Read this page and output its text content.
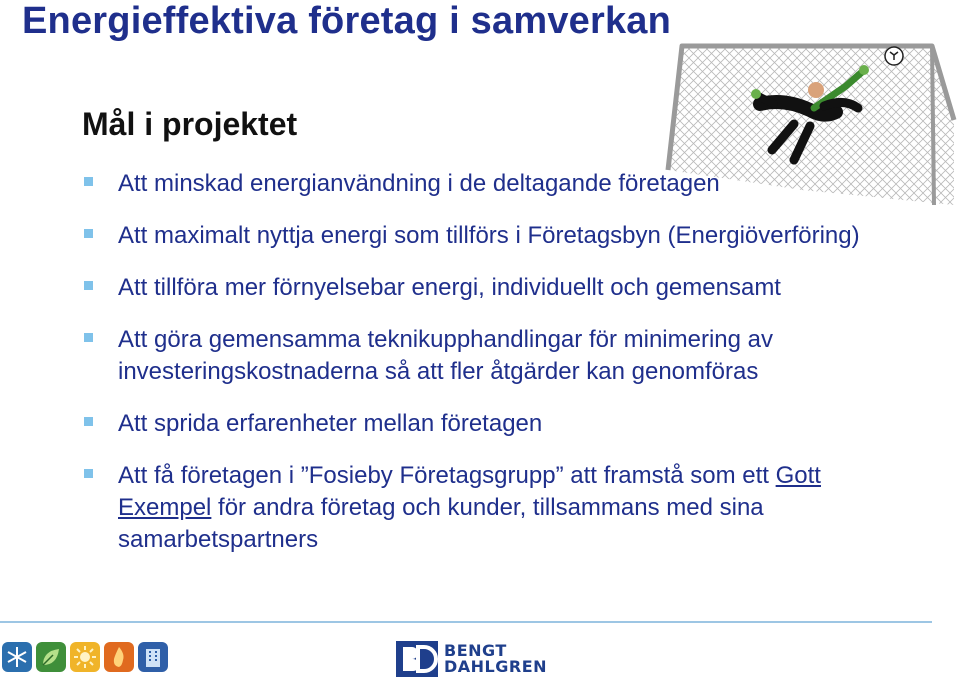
Energieffektiva företag i samverkan
Mål i projektet
Att minskad energianvändning i de deltagande företagen
Att maximalt nyttja energi som tillförs i Företagsbyn (Energiöverföring)
Att tillföra mer förnyelsebar energi, individuellt och gemensamt
Att göra gemensamma teknikupphandlingar för minimering av investeringskostnaderna så att fler åtgärder kan genomföras
Att sprida erfarenheter mellan företagen
Att få företagen i ”Fosieby Företagsgrupp” att framstå som ett Gott Exempel för andra företag och kunder, tillsammans med sina samarbetspartners
BENGT
DAHLGREN
